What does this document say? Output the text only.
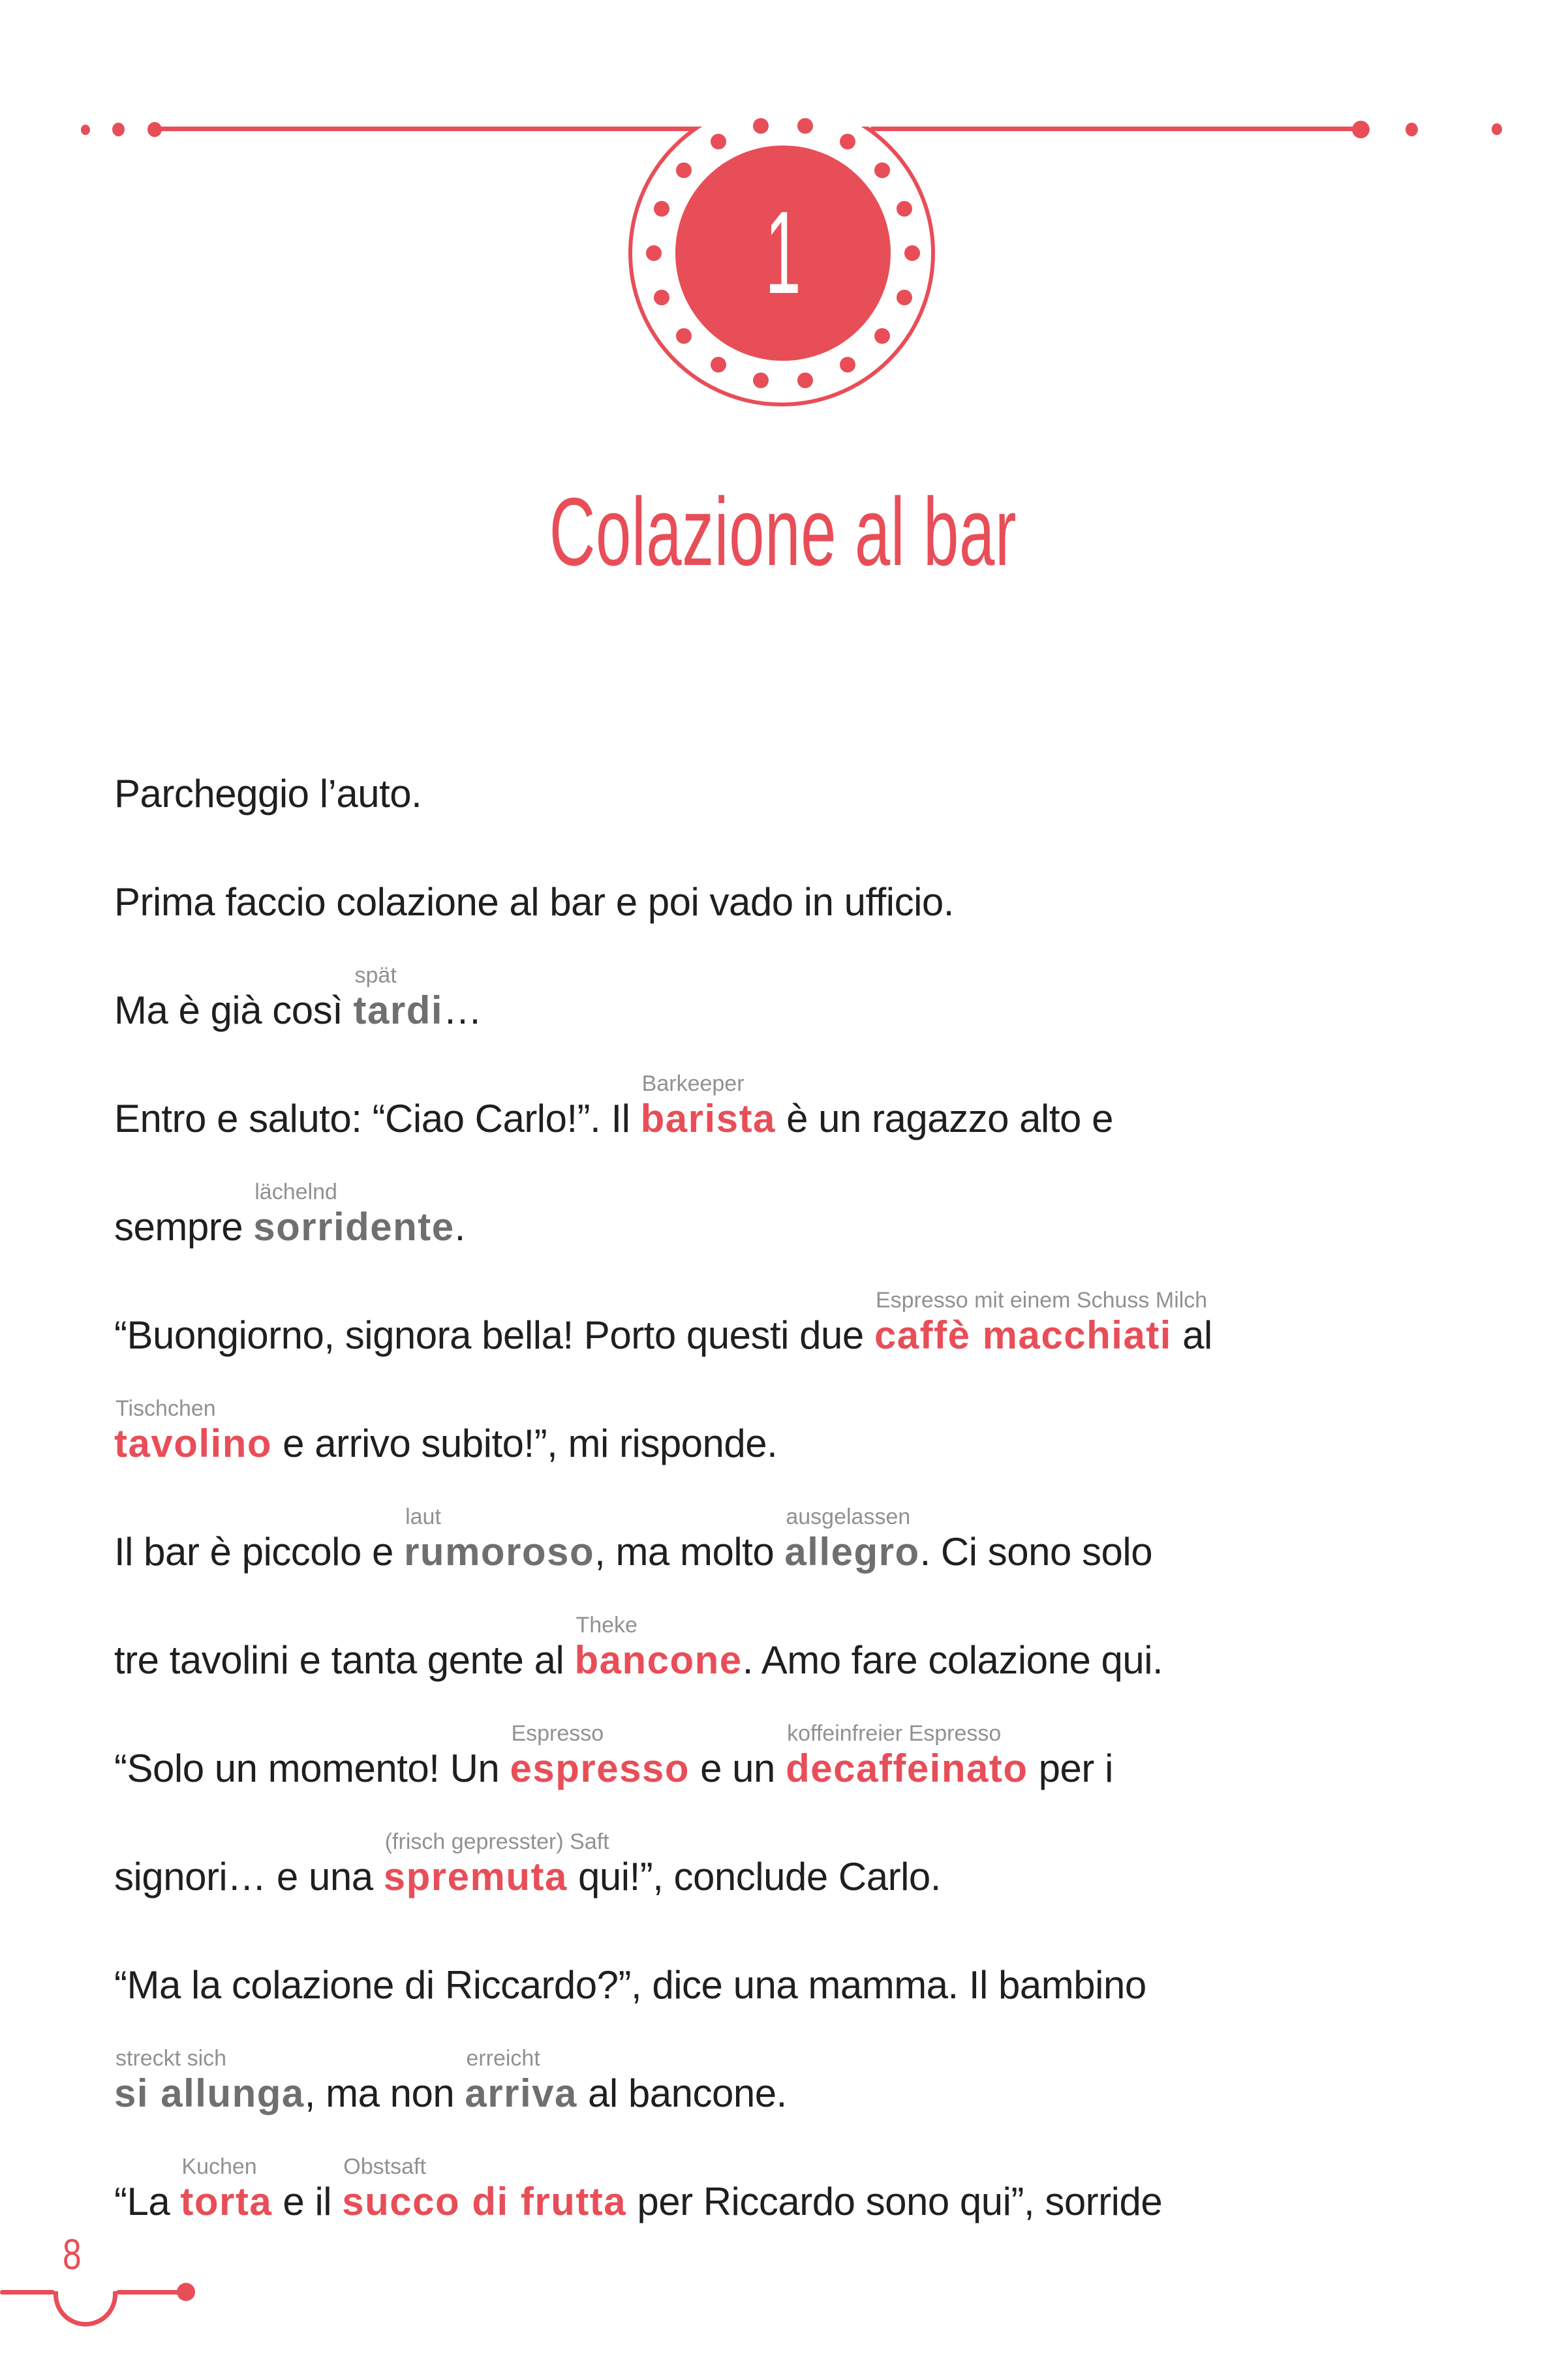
1
Colazione al bar
Parcheggio l’auto.
Prima faccio colazione al bar e poi vado in ufficio.
Ma è già così
spät
tardi…
Entro e saluto: “Ciao Carlo!”. Il
Barkeeper
barista è un ragazzo alto e
sempre
lächelnd
sorridente.
“Buongiorno, signora bella! Porto questi due
Espresso mit einem Schuss Milch
caffè macchiati al
Tischchen
tavolino e arrivo subito!”, mi risponde.
Il bar è piccolo e
laut
rumoroso, ma molto
ausgelassen
allegro. Ci sono solo
tre tavolini e tanta gente al
Theke
bancone. Amo fare colazione qui.
“Solo un momento! Un
Espresso
espresso e un
koffeinfreier Espresso
decaffeinato per i
signori… e una
(frisch gepresster) Saft
spremuta qui!”, conclude Carlo.
“Ma la colazione di Riccardo?”, dice una mamma. Il bambino
streckt sich
si allunga, ma non
erreicht
arriva al bancone.
“La
Kuchen
torta e il
Obstsaft
succo di frutta per Riccardo sono qui”, sorride
8
